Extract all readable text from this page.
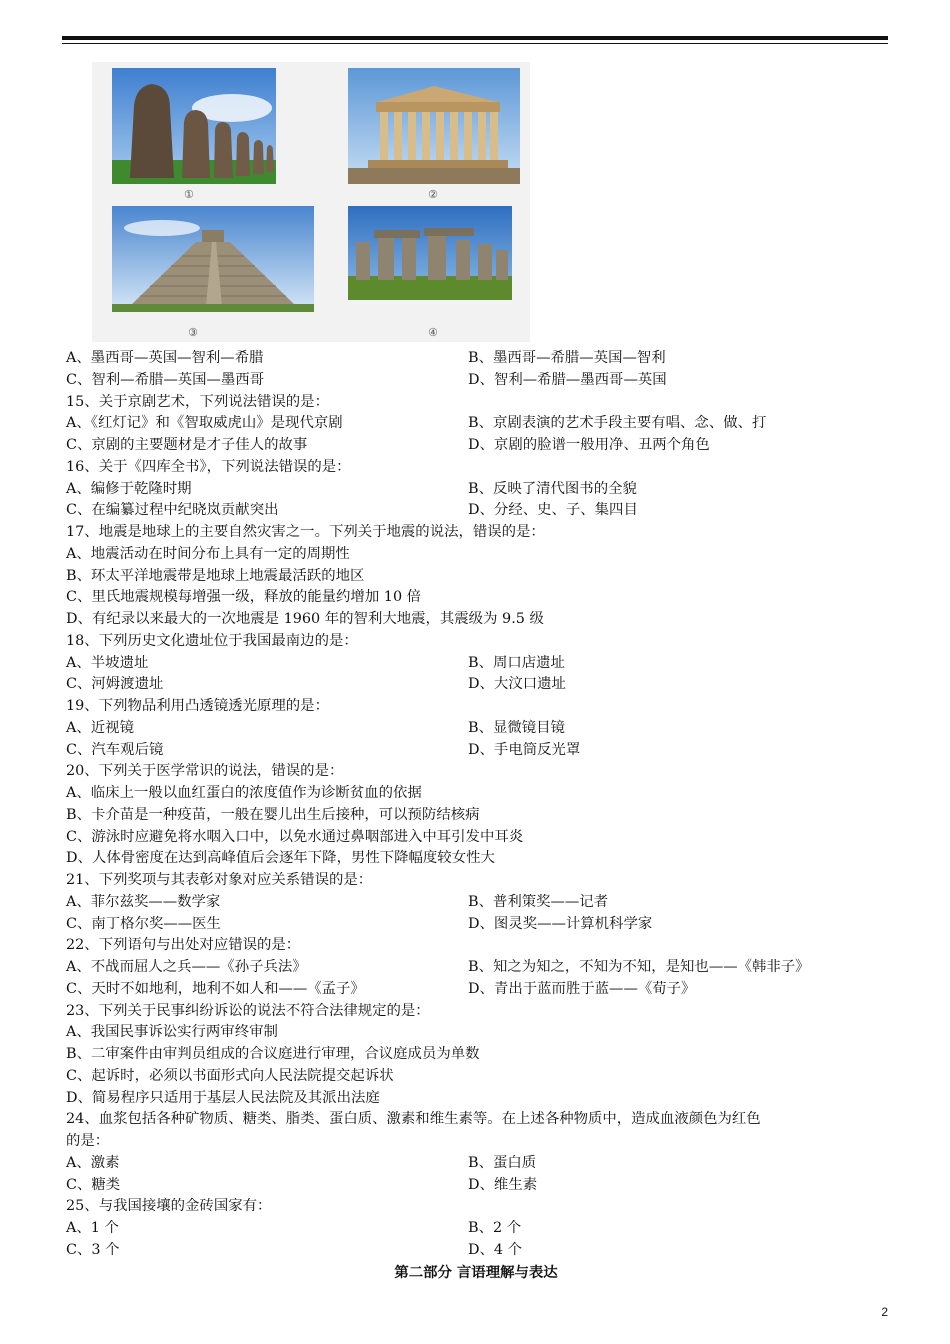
①	②
③	④
A、墨西哥—英国—智利—希腊	B、墨西哥—希腊—英国—智利
C、智利—希腊—英国—墨西哥	D、智利—希腊—墨西哥—英国
15、关于京剧艺术，下列说法错误的是：
A、《红灯记》和《智取威虎山》是现代京剧	B、京剧表演的艺术手段主要有唱、念、做、打
C、京剧的主要题材是才子佳人的故事	D、京剧的脸谱一般用净、丑两个角色
16、关于《四库全书》，下列说法错误的是：
A、编修于乾隆时期	B、反映了清代图书的全貌
C、在编纂过程中纪晓岚贡献突出	D、分经、史、子、集四目
17、地震是地球上的主要自然灾害之一。下列关于地震的说法，错误的是：
A、地震活动在时间分布上具有一定的周期性
B、环太平洋地震带是地球上地震最活跃的地区
C、里氏地震规模每增强一级，释放的能量约增加 10 倍
D、有纪录以来最大的一次地震是 1960 年的智利大地震，其震级为 9.5 级
18、下列历史文化遗址位于我国最南边的是：
A、半坡遗址	B、周口店遗址
C、河姆渡遗址	D、大汶口遗址
19、下列物品利用凸透镜透光原理的是：
A、近视镜	B、显微镜目镜
C、汽车观后镜	D、手电筒反光罩
20、下列关于医学常识的说法，错误的是：
A、临床上一般以血红蛋白的浓度值作为诊断贫血的依据
B、卡介苗是一种疫苗，一般在婴儿出生后接种，可以预防结核病
C、游泳时应避免将水咽入口中，以免水通过鼻咽部进入中耳引发中耳炎
D、人体骨密度在达到高峰值后会逐年下降，男性下降幅度较女性大
21、下列奖项与其表彰对象对应关系错误的是：
A、菲尔兹奖——数学家	B、普利策奖——记者
C、南丁格尔奖——医生	D、图灵奖——计算机科学家
22、下列语句与出处对应错误的是：
A、不战而屈人之兵——《孙子兵法》	B、知之为知之，不知为不知，是知也——《韩非子》
C、天时不如地利，地利不如人和——《孟子》	D、青出于蓝而胜于蓝——《荀子》
23、下列关于民事纠纷诉讼的说法不符合法律规定的是：
A、我国民事诉讼实行两审终审制
B、二审案件由审判员组成的合议庭进行审理，合议庭成员为单数
C、起诉时，必须以书面形式向人民法院提交起诉状
D、简易程序只适用于基层人民法院及其派出法庭
24、血浆包括各种矿物质、糖类、脂类、蛋白质、激素和维生素等。在上述各种物质中，造成血液颜色为红色
的是：
A、激素	B、蛋白质
C、糖类	D、维生素
25、与我国接壤的金砖国家有：
A、1 个	B、2 个
C、3 个	D、4 个
第二部分 言语理解与表达
2
